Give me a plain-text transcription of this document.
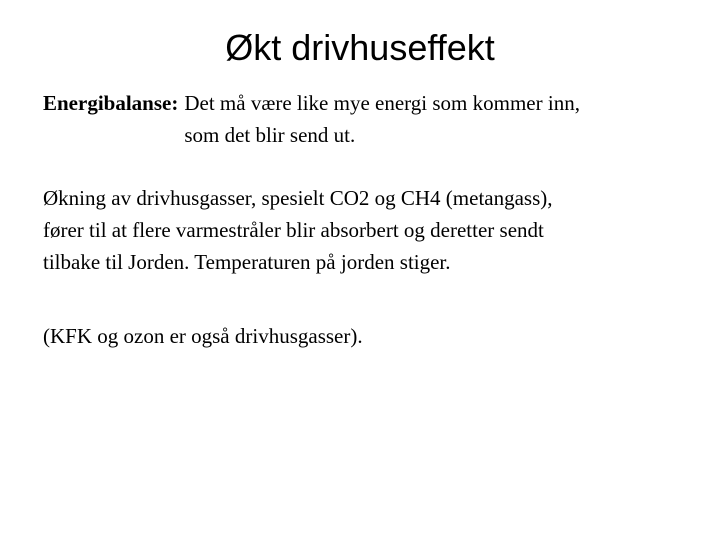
Økt drivhuseffekt
Energibalanse: Det må være like mye energi som kommer inn,
som det blir send ut.

Økning av drivhusgasser, spesielt CO2 og CH4 (metangass),
fører til at flere varmestråler blir absorbert og deretter sendt
tilbake til Jorden. Temperaturen på jorden stiger.

(KFK og ozon er også drivhusgasser).
